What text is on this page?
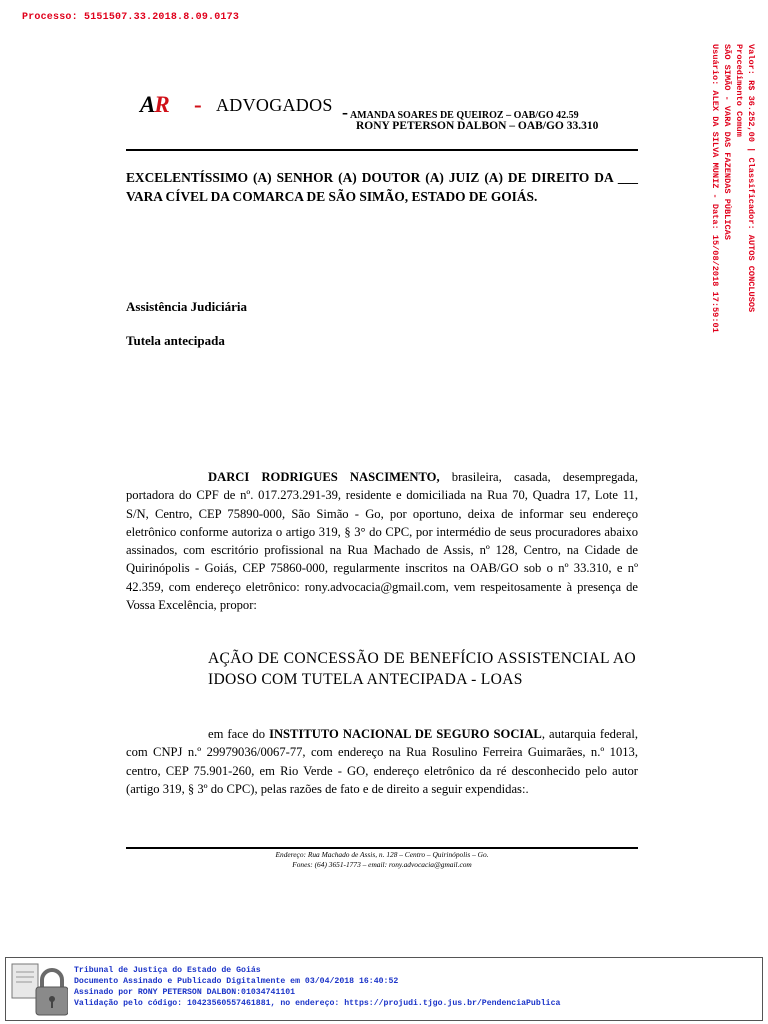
Processo: 5151507.33.2018.8.09.0173
Valor: R$ 36.252,00 | Classificador: AUTOS CONCLUSOS
Procedimento Comum
SÃO SIMÃO - VARA DAS FAZENDAS PÚBLICAS
Usuário: ALEX DA SILVA MUNIZ - Data: 15/08/2018 17:59:01
AR - ADVOGADOS - AMANDA SOARES DE QUEIROZ – OAB/GO 42.59
RONY PETERSON DALBON – OAB/GO 33.310
EXCELENTÍSSIMO (A) SENHOR (A) DOUTOR (A) JUIZ (A) DE DIREITO DA ___ VARA CÍVEL DA COMARCA DE SÃO SIMÃO, ESTADO DE GOIÁS.
Assistência Judiciária
Tutela antecipada
DARCI RODRIGUES NASCIMENTO, brasileira, casada, desempregada, portadora do CPF de nº. 017.273.291-39, residente e domiciliada na Rua 70, Quadra 17, Lote 11, S/N, Centro, CEP 75890-000, São Simão - Go, por oportuno, deixa de informar seu endereço eletrônico conforme autoriza o artigo 319, § 3° do CPC, por intermédio de seus procuradores abaixo assinados, com escritório profissional na Rua Machado de Assis, nº 128, Centro, na Cidade de Quirinópolis - Goiás, CEP 75860-000, regularmente inscritos na OAB/GO sob o nº 33.310, e nº 42.359, com endereço eletrônico: rony.advocacia@gmail.com, vem respeitosamente à presença de Vossa Excelência, propor:
AÇÃO DE CONCESSÃO DE BENEFÍCIO ASSISTENCIAL AO IDOSO COM TUTELA ANTECIPADA - LOAS
em face do INSTITUTO NACIONAL DE SEGURO SOCIAL, autarquia federal, com CNPJ n.º 29979036/0067-77, com endereço na Rua Rosulino Ferreira Guimarães, n.º 1013, centro, CEP 75.901-260, em Rio Verde - GO, endereço eletrônico da ré desconhecido pelo autor (artigo 319, § 3º do CPC), pelas razões de fato e de direito a seguir expendidas:.
Endereço: Rua Machado de Assis, n. 128 – Centro – Quirinópolis – Go.
Fones: (64) 3651-1773 – email: rony.advocacia@gmail.com
Tribunal de Justiça do Estado de Goiás
Documento Assinado e Publicado Digitalmente em 03/04/2018 16:40:52
Assinado por RONY PETERSON DALBON:01034741101
Validação pelo código: 10423560557461881, no endereço: https://projudi.tjgo.jus.br/PendenciaPublica
